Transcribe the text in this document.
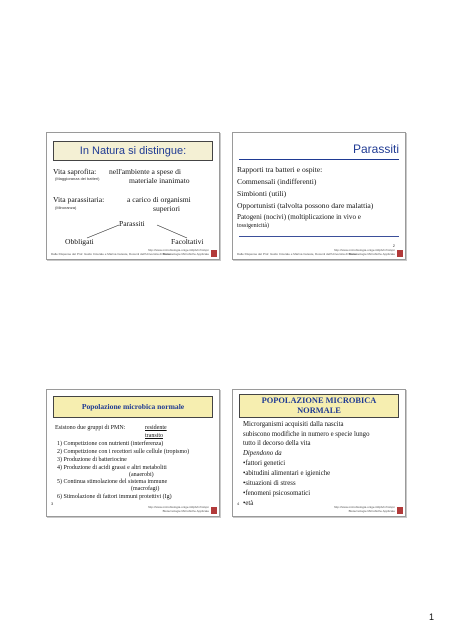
In Natura si distingue:
Vita saprofita: nell'ambiente a spese di
(Maggioranza dei batteri)	materiale inanimato
Vita parassitaria:	a carico di organismi
(Minoranza)	superiori
Parassiti
Obbligati	Facoltativi
Dalle Dispense del Prof. Guido Cicerale e Marina Celeste, Docenti dell'Universita di Roma...
http://www.microbiologia.unige.it/dpb/mfm/spn
Biotecnologie Microbiche Applicate
Parassiti
Rapporti tra batteri e ospite:
Commensali (indifferenti)
Simbionti (utili)
Opportunisti (talvolta possono dare malattia)
Patogeni (nocivi) (moltiplicazione in vivo e
tossigenicità)
2
Dalle Dispense del Prof. Guido Cicerale e Marina Celeste, Docenti dell'Universita di Roma...
http://www.microbiologia.unige.it/dpb/mfm/spn
Biotecnologie Microbiche Applicate
Popolazione microbica normale
Esistono due gruppi di PMN:	residente
transito
1) Competizione con nutrienti (interferenza)
2) Competizione con i recettori sulle cellule (tropismo)
3) Produzione di batteriocine
4) Produzione di acidi grassi e altri metaboliti
(anaerobi)
5) Continua stimolazione del sistema immune
(macrofagi)
6) Stimolazione di fattori immuni protettivi (Ig)
3
http://www.microbiologia.unige.it/dpb/mfm/spn
Biotecnologie Microbiche Applicate
POPOLAZIONE MICROBICA
NORMALE
Microrganismi acquisiti dalla nascita
subiscono modifiche in numero e specie lungo
tutto il decorso della vita
Dipendono da
•fattori genetici
•abitudini alimentari e igieniche
•situazioni di stress
•fenomeni psicosomatici
•età
4
http://www.microbiologia.unige.it/dpb/mfm/spn
Biotecnologie Microbiche Applicate
1
